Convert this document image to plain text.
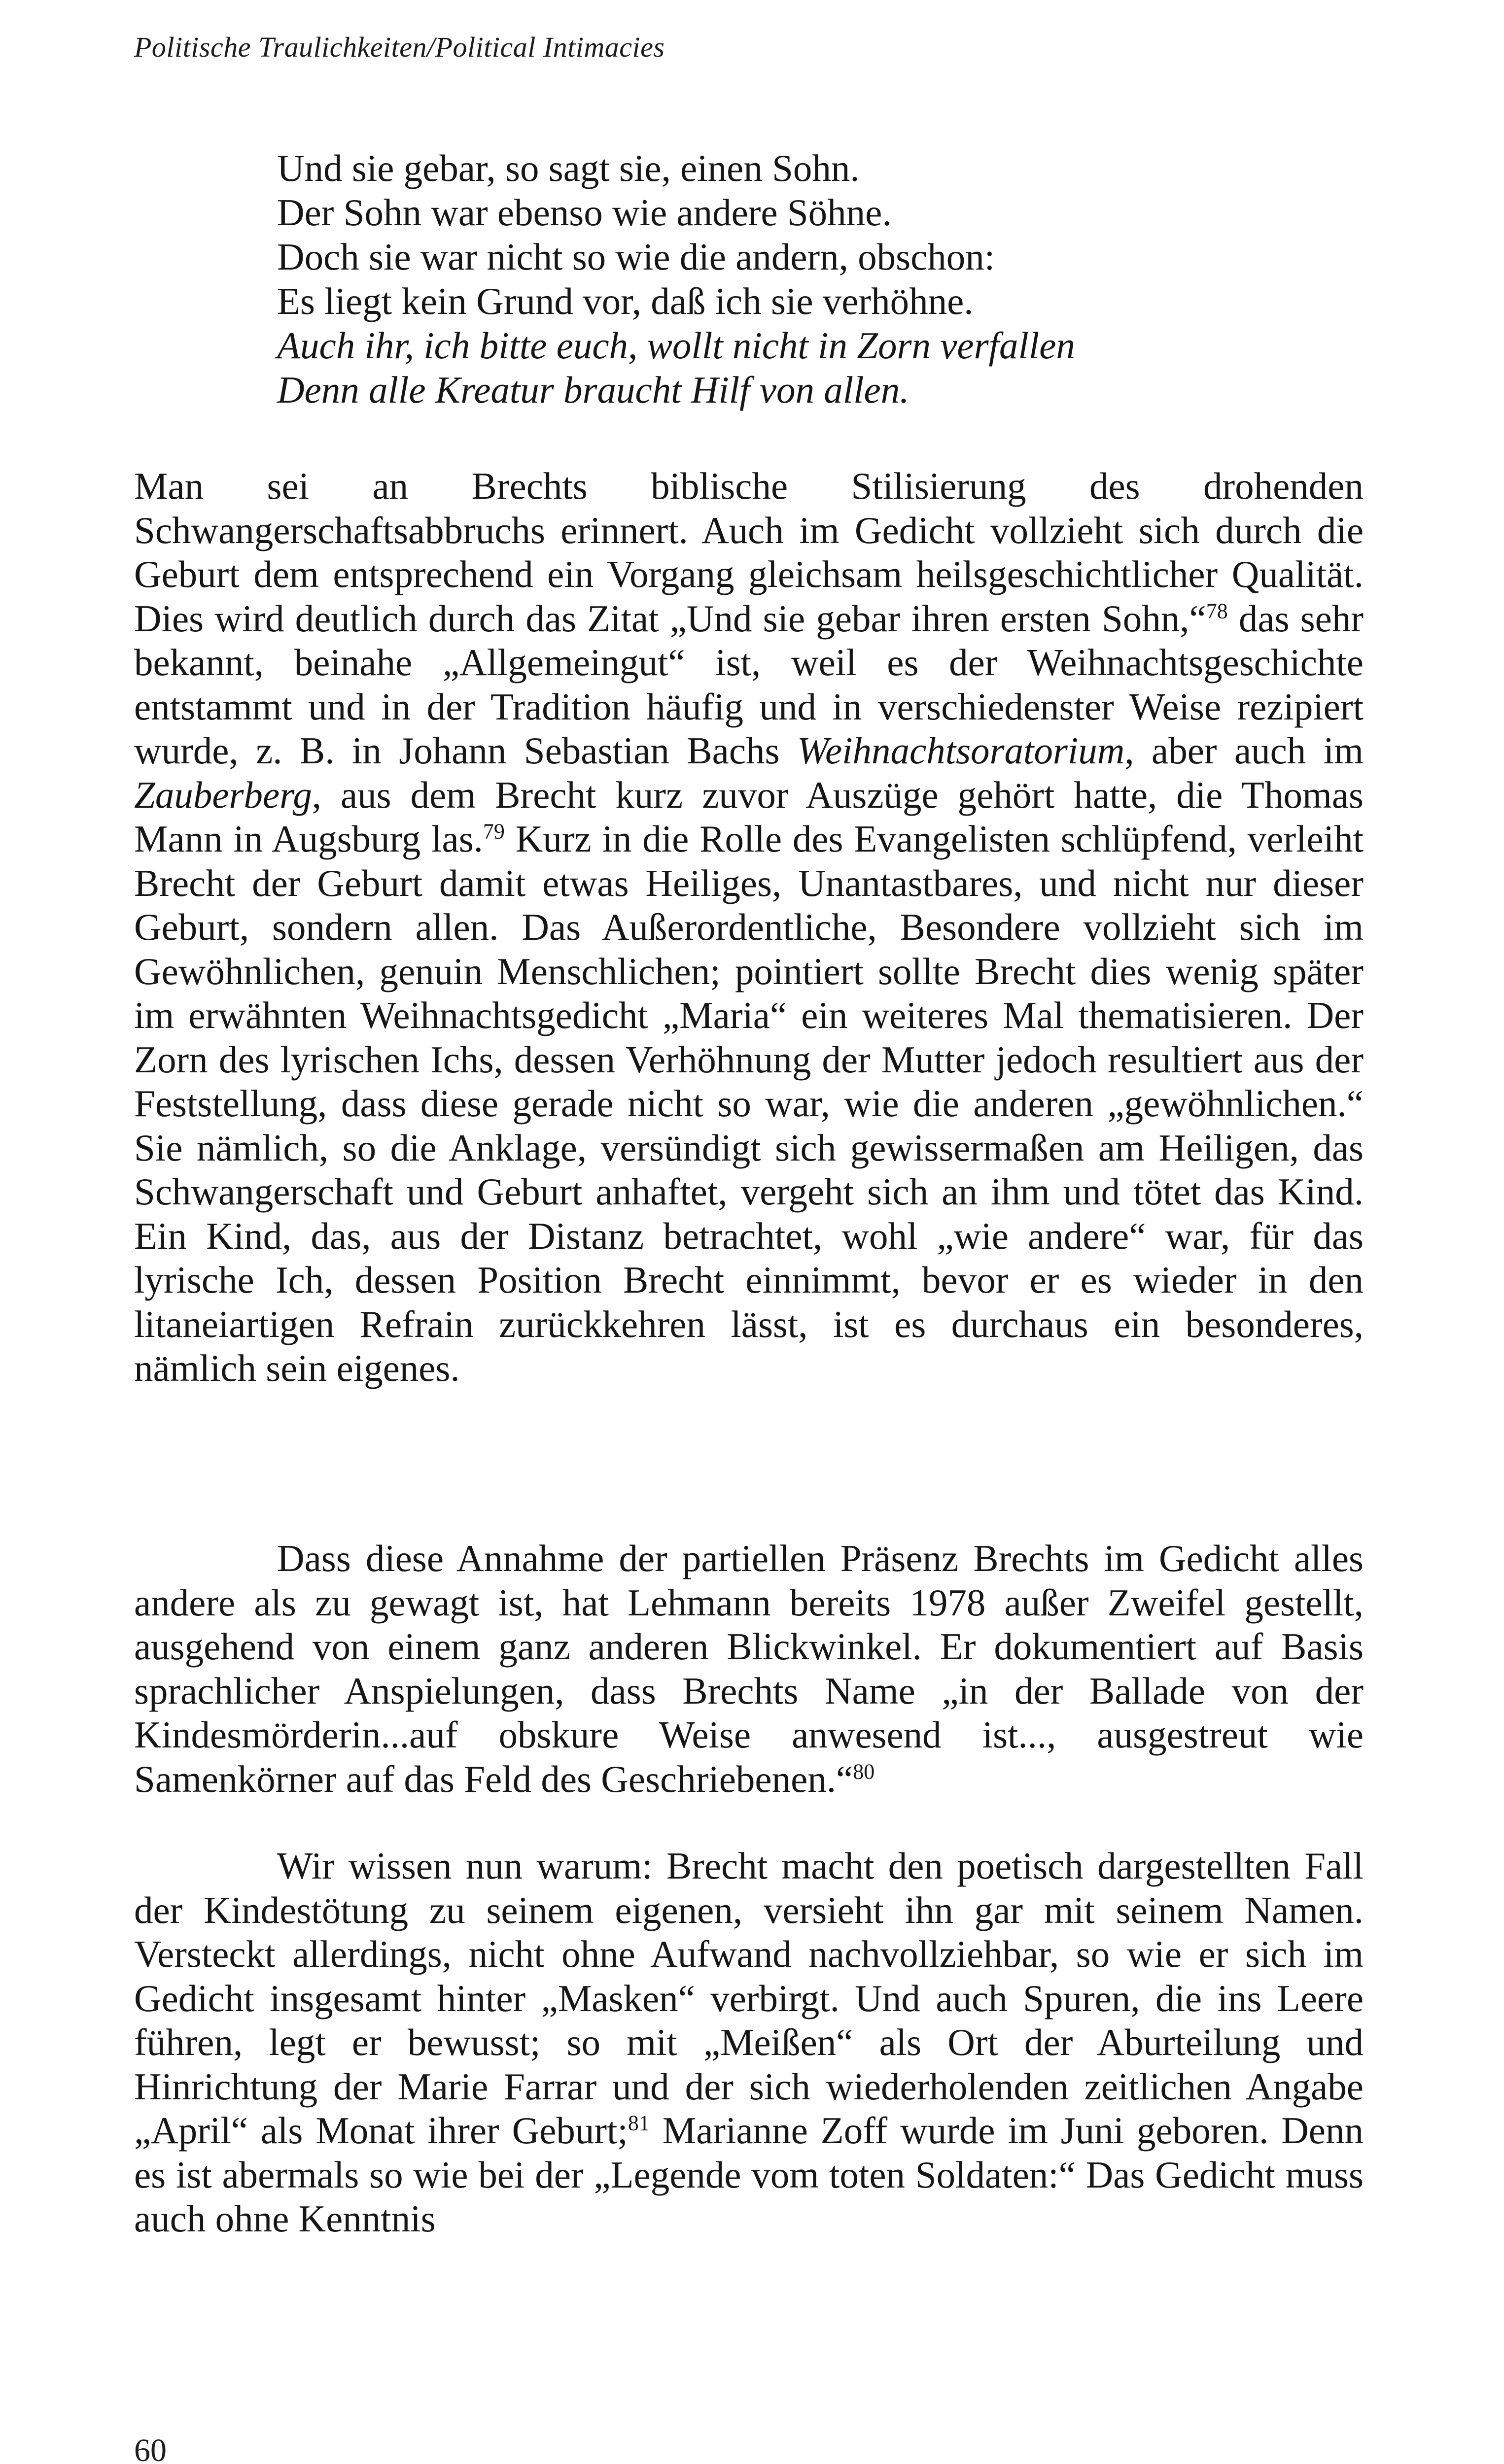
Politische Traulichkeiten/Political Intimacies
Und sie gebar, so sagt sie, einen Sohn.
Der Sohn war ebenso wie andere Söhne.
Doch sie war nicht so wie die andern, obschon:
Es liegt kein Grund vor, daß ich sie verhöhne.
Auch ihr, ich bitte euch, wollt nicht in Zorn verfallen
Denn alle Kreatur braucht Hilf von allen.

Man sei an Brechts biblische Stilisierung des drohenden Schwangerschaftsabbruchs erinnert. Auch im Gedicht vollzieht sich durch die Geburt dem entsprechend ein Vorgang gleichsam heilsgeschichtlicher Qualität. Dies wird deutlich durch das Zitat „Und sie gebar ihren ersten Sohn,“$^{78}$ das sehr bekannt, beinahe „Allgemeingut“ ist, weil es der Weihnachtsgeschichte entstammt und in der Tradition häufig und in verschiedenster Weise rezipiert wurde, z. B. in Johann Sebastian Bachs Weihnachtsoratorium, aber auch im Zauberberg, aus dem Brecht kurz zuvor Auszüge gehört hatte, die Thomas Mann in Augsburg las.$^{79}$ Kurz in die Rolle des Evangelisten schlüpfend, verleiht Brecht der Geburt damit etwas Heiliges, Unantastbares, und nicht nur dieser Geburt, sondern allen. Das Außerordentliche, Besondere vollzieht sich im Gewöhnlichen, genuin Menschlichen; pointiert sollte Brecht dies wenig später im erwähnten Weihnachtsgedicht „Maria“ ein weiteres Mal thematisieren. Der Zorn des lyrischen Ichs, dessen Verhöhnung der Mutter jedoch resultiert aus der Feststellung, dass diese gerade nicht so war, wie die anderen „gewöhnlichen.“ Sie nämlich, so die Anklage, versündigt sich gewissermaßen am Heiligen, das Schwangerschaft und Geburt anhaftet, vergeht sich an ihm und tötet das Kind. Ein Kind, das, aus der Distanz betrachtet, wohl „wie andere“ war, für das lyrische Ich, dessen Position Brecht einnimmt, bevor er es wieder in den litaneiartigen Refrain zurückkehren lässt, ist es durchaus ein besonderes, nämlich sein eigenes.

Dass diese Annahme der partiellen Präsenz Brechts im Gedicht alles andere als zu gewagt ist, hat Lehmann bereits 1978 außer Zweifel gestellt, ausgehend von einem ganz anderen Blickwinkel. Er dokumentiert auf Basis sprachlicher Anspielungen, dass Brechts Name „in der Ballade von der Kindesmörderin...auf obskure Weise anwesend ist..., ausgestreut wie Samenkörner auf das Feld des Geschriebenen.“$^{80}$

Wir wissen nun warum: Brecht macht den poetisch dargestellten Fall der Kindestötung zu seinem eigenen, versieht ihn gar mit seinem Namen. Versteckt allerdings, nicht ohne Aufwand nachvollziehbar, so wie er sich im Gedicht insgesamt hinter „Masken“ verbirgt. Und auch Spuren, die ins Leere führen, legt er bewusst; so mit „Meißen“ als Ort der Aburteilung und Hinrichtung der Marie Farrar und der sich wiederholenden zeitlichen Angabe „April“ als Monat ihrer Geburt;$^{81}$ Marianne Zoff wurde im Juni geboren. Denn es ist abermals so wie bei der „Legende vom toten Soldaten:“ Das Gedicht muss auch ohne Kenntnis

60
